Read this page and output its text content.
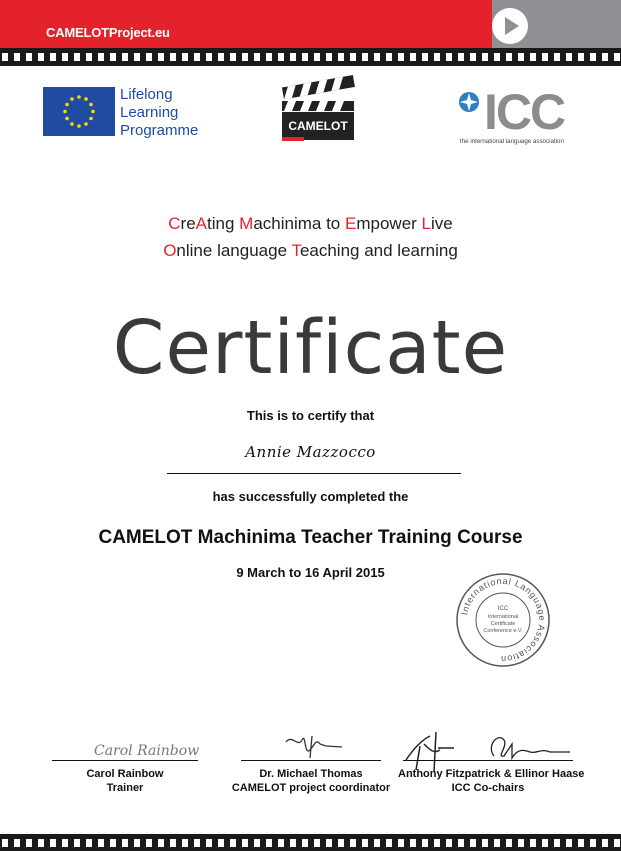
CAMELOTProject.eu
Lifelong
Learning
Programme	CAMELOT	ICC
the international language association
CreAting Machinima to Empower Live
Online language Teaching and learning
Certificate
This is to certify that
Annie Mazzocco
has successfully completed the
CAMELOT Machinima Teacher Training Course
9 March to 16 April 2015
International Language Association
ICC
International
Certificate
Conference e.V.
Carol Rainbow
Carol Rainbow
Trainer
Dr. Michael Thomas
CAMELOT project coordinator
Anthony Fitzpatrick & Ellinor Haase
ICC Co-chairs
